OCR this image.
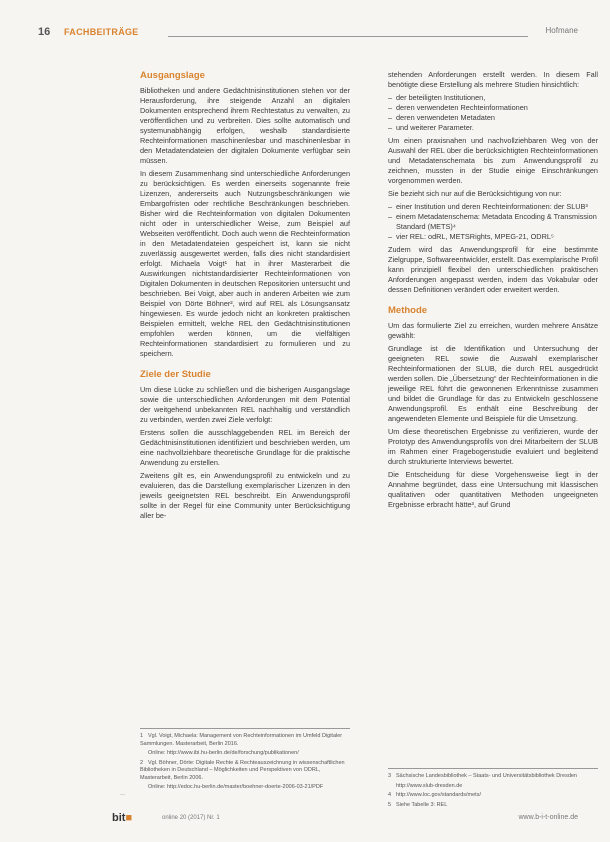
16 FACHBEITRÄGE	Hofmane
Ausgangslage

Bibliotheken und andere Gedächtnisinstitutionen stehen vor der Herausforderung, ihre steigende Anzahl an digitalen Dokumenten entsprechend ihrem Rechtestatus zu verwalten, zu veröffentlichen und zu verbreiten. Dies sollte automatisch und systemunabhängig erfolgen, weshalb standardisierte Rechteinformationen maschinenlesbar und maschinenlesbar in den Metadatendateien der digitalen Dokumente verfügbar sein müssen.

In diesem Zusammenhang sind unterschiedliche Anforderungen zu berücksichtigen. Es werden einerseits sogenannte freie Lizenzen, andererseits auch Nutzungsbeschränkungen wie Embargofristen oder rechtliche Beschränkungen beschrieben. Bisher wird die Rechteinformation von digitalen Dokumenten nicht oder in unterschiedlicher Weise, zum Beispiel auf Webseiten veröffentlicht. Doch auch wenn die Rechteinformation in den Metadatendateien gespeichert ist, kann sie nicht zuverlässig ausgewertet werden, falls dies nicht standardisiert erfolgt. Michaela Voigt¹ hat in ihrer Masterarbeit die Auswirkungen nichtstandardisierter Rechteinformationen von Digitalen Dokumenten in deutschen Repositorien untersucht und beschrieben. Bei Voigt, aber auch in anderen Arbeiten wie zum Beispiel von Dörte Böhner², wird auf REL als Lösungsansatz hingewiesen. Es wurde jedoch nicht an konkreten praktischen Beispielen ermittelt, welche REL den Gedächtnisinstitutionen empfohlen werden können, um die vielfältigen Rechteinformationen standardisiert zu formulieren und zu speichern.

Ziele der Studie

Um diese Lücke zu schließen und die bisherigen Ausgangslage sowie die unterschiedlichen Anforderungen mit dem Potential der weitgehend unbekannten REL nachhaltig und verständlich zu verbinden, werden zwei Ziele verfolgt:

Erstens sollen die ausschlaggebenden REL im Bereich der Gedächtnisinstitutionen identifiziert und beschrieben werden, um eine nachvollziehbare theoretische Grundlage für die praktische Anwendung zu erstellen.

Zweitens gilt es, ein Anwendungsprofil zu entwickeln und zu evaluieren, das die Darstellung exemplarischer Lizenzen in den jeweils geeignetsten REL beschreibt. Ein Anwendungsprofil sollte in der Regel für eine Community unter Berücksichtigung aller be-

stehenden Anforderungen erstellt werden. In diesem Fall benötigte diese Erstellung als mehrere Studien hinsichtlich:

– der beteiligten Institutionen,
– deren verwendeten Rechteinformationen
– deren verwendeten Metadaten
– und weiterer Parameter.

Um einen praxisnahen und nachvollziehbaren Weg von der Auswahl der REL über die berücksichtigten Rechteinformationen und Metadatenschemata bis zum Anwendungsprofil zu zeichnen, mussten in der Studie einige Einschränkungen vorgenommen werden.

Sie bezieht sich nur auf die Berücksichtigung von nur:

– einer Institution und deren Rechteinformationen: der SLUB³
– einem Metadatenschema: Metadata Encoding & Transmission Standard (METS)⁴
– vier REL: odRL, METSRights, MPEG-21, ODRL⁵

Zudem wird das Anwendungsprofil für eine bestimmte Zielgruppe, Softwareentwickler, erstellt. Das exemplarische Profil kann prinzipiell flexibel den unterschiedlichen praktischen Anforderungen angepasst werden, indem das Vokabular oder dessen Definitionen verändert oder erweitert werden.

Methode

Um das formulierte Ziel zu erreichen, wurden mehrere Ansätze gewählt:

Grundlage ist die Identifikation und Untersuchung der geeigneten REL sowie die Auswahl exemplarischer Rechteinformationen der SLUB, die durch REL ausgedrückt werden sollen. Die „Übersetzung“ der Rechteinformationen in die jeweilige REL führt die gewonnenen Erkenntnisse zusammen und bildet die Grundlage für das zu Entwickeln geschlossene Anwendungsprofil. Es enthält eine Beschreibung der angewendeten Elemente und Beispiele für die Umsetzung.

Um diese theoretischen Ergebnisse zu verifizieren, wurde der Prototyp des Anwendungsprofils von drei Mitarbeitern der SLUB im Rahmen einer Fragebogenstudie evaluiert und begleitend durch strukturierte Interviews bewertet.

Die Entscheidung für diese Vorgehensweise liegt in der Annahme begründet, dass eine Untersuchung mit klassischen qualitativen oder quantitativen Methoden ungeeigneten Ergebnisse erbracht hätte³, auf Grund

1 Vgl. Voigt, Michaela: Management von Rechteinformationen im Umfeld Digitaler Sammlungen. Masterarbeit, Berlin 2016.
Online: http://www.ibi.hu-berlin.de/de/forschung/publikationen/
2 Vgl. Böhner, Dörte: Digitale Rechte & Rechteauszeichnung in wissenschaftlichen Bibliotheken in Deutschland – Möglichkeiten und Perspektiven von ODRL, Masterarbeit, Berlin 2006.
Online: http://edoc.hu-berlin.de/master/boehner-doerte-2006-03-21/PDF
3 Sächsische Landesbibliothek – Staats- und Universitätsbibliothek Dresden
http://www.slub-dresden.de
4 http://www.loc.gov/standards/mets/
5 Siehe Tabelle 3: REL
—
bit■	online 20 (2017) Nr. 1	www.b-i-t-online.de
